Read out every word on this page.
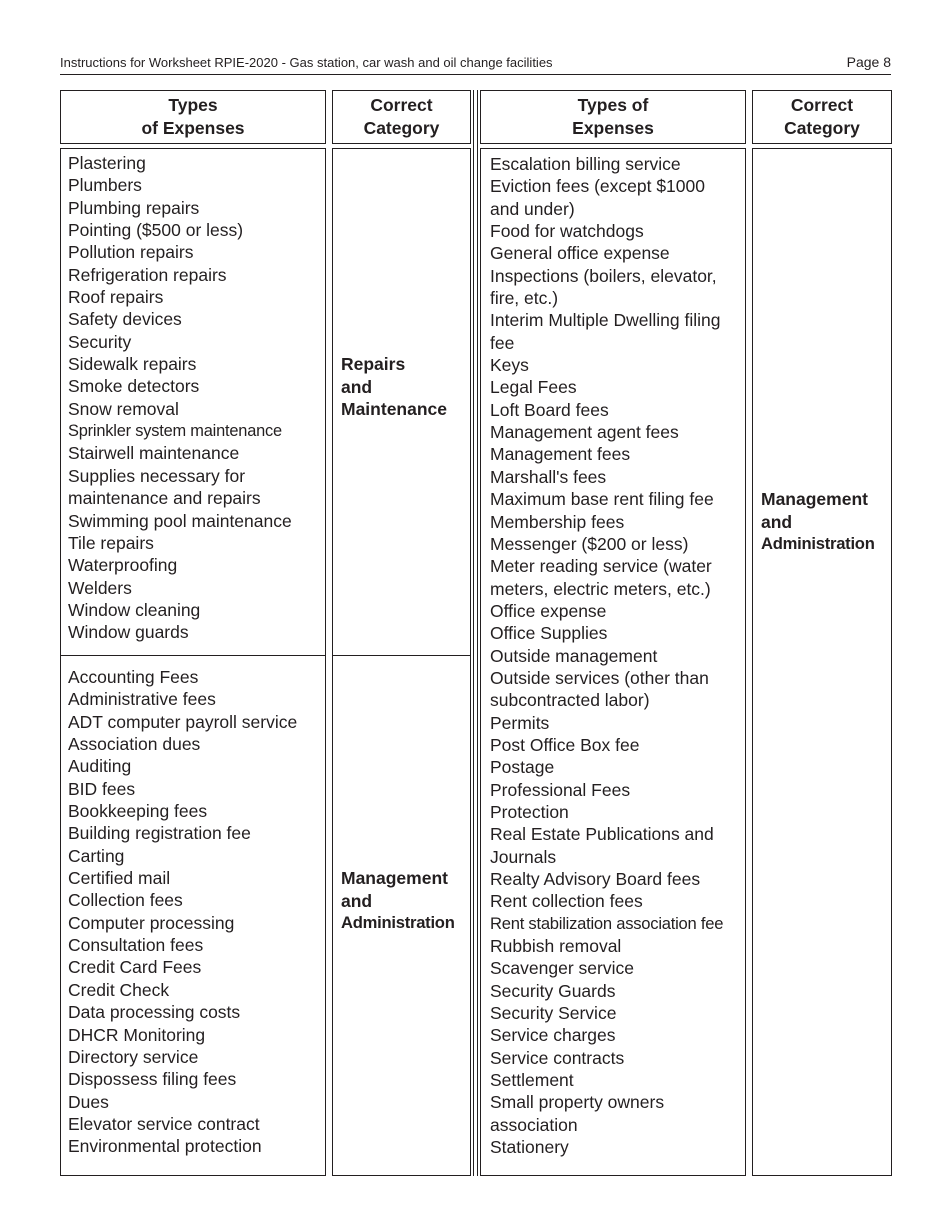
Instructions for Worksheet RPIE-2020 - Gas station, car wash and oil change facilities	Page 8
Types
of Expenses
Correct
Category
Types of
Expenses
Correct
Category
Plastering
Plumbers
Plumbing repairs
Pointing ($500 or less)
Pollution repairs
Refrigeration repairs
Roof repairs
Safety devices
Security
Sidewalk repairs
Smoke detectors
Snow removal
Sprinkler system maintenance
Stairwell maintenance
Supplies necessary for
maintenance and repairs
Swimming pool maintenance
Tile repairs
Waterproofing
Welders
Window cleaning
Window guards
Repairs
and
Maintenance
Accounting Fees
Administrative fees
ADT computer payroll service
Association dues
Auditing
BID fees
Bookkeeping fees
Building registration fee
Carting
Certified mail
Collection fees
Computer processing
Consultation fees
Credit Card Fees
Credit Check
Data processing costs
DHCR Monitoring
Directory service
Dispossess filing fees
Dues
Elevator service contract
Environmental protection
Management
and
Administration
Escalation billing service
Eviction fees (except $1000
and under)
Food for watchdogs
General office expense
Inspections (boilers, elevator,
fire, etc.)
Interim Multiple Dwelling filing
fee
Keys
Legal Fees
Loft Board fees
Management agent fees
Management fees
Marshall's fees
Maximum base rent filing fee
Membership fees
Messenger ($200 or less)
Meter reading service (water
meters, electric meters, etc.)
Office expense
Office Supplies
Outside management
Outside services (other than
subcontracted labor)
Permits
Post Office Box fee
Postage
Professional Fees
Protection
Real Estate Publications and
Journals
Realty Advisory Board fees
Rent collection fees
Rent stabilization association fee
Rubbish removal
Scavenger service
Security Guards
Security Service
Service charges
Service contracts
Settlement
Small property owners
association
Stationery
Management
and
Administration
